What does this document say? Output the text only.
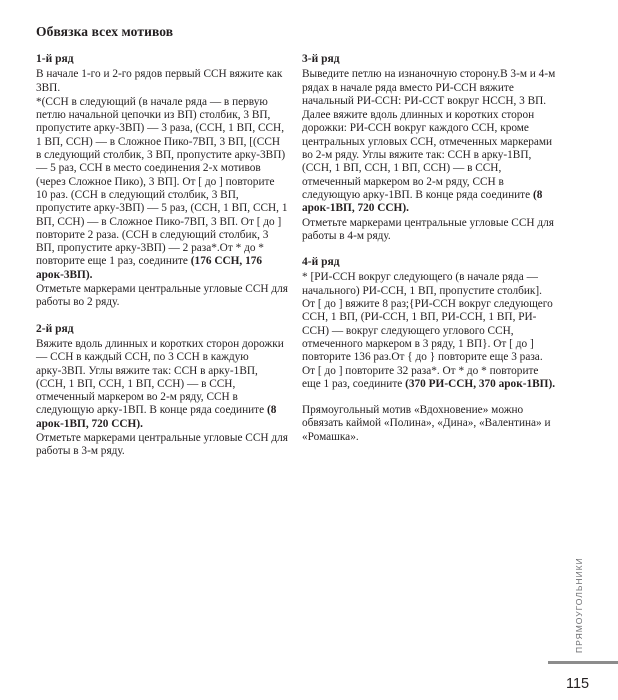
Обвязка всех мотивов

1-й ряд

В начале 1-го и 2-го рядов первый ССН вяжите как 3ВП.

*(ССН в следующий (в начале ряда — в первую петлю начальной цепочки из ВП) столбик, 3 ВП, пропустите арку-3ВП) — 3 раза, (ССН, 1 ВП, ССН, 1 ВП, ССН) — в Сложное Пико-7ВП, 3 ВП, [(ССН в следующий столбик, 3 ВП, пропустите арку-3ВП) — 5 раз, ССН в место соединения 2-х мотивов (через Сложное Пико), 3 ВП]. От [ до ] повторите 10 раз. (ССН в следующий столбик, 3 ВП, пропустите арку-3ВП) — 5 раз, (ССН, 1 ВП, ССН, 1 ВП, ССН) — в Сложное Пико-7ВП, 3 ВП. От [ до ] повторите 2 раза. (ССН в следующий столбик, 3 ВП, пропустите арку-3ВП) — 2 раза*.От * до * повторите еще 1 раз, соедините (176 ССН, 176 арок-3ВП).

Отметьте маркерами центральные угловые ССН для работы во 2 ряду.

2-й ряд

Вяжите вдоль длинных и коротких сторон дорожки — ССН в каждый ССН, по 3 ССН в каждую арку-3ВП. Углы вяжите так: ССН в арку-1ВП, (ССН, 1 ВП, ССН, 1 ВП, ССН) — в ССН, отмеченный маркером во 2-м ряду, ССН в следующую арку-1ВП. В конце ряда соедините (8 арок-1ВП, 720 ССН).

Отметьте маркерами центральные угловые ССН для работы в 3-м ряду.

3-й ряд

Выведите петлю на изнаночную сторону.В 3-м и 4-м рядах в начале ряда вместо РИ-ССН вяжите начальный РИ-ССН: РИ-ССТ вокруг НССН, 3 ВП.

Далее вяжите вдоль длинных и коротких сторон дорожки: РИ-ССН вокруг каждого ССН, кроме центральных угловых ССН, отмеченных маркерами во 2-м ряду. Углы вяжите так: ССН в арку-1ВП, (ССН, 1 ВП, ССН, 1 ВП, ССН) — в ССН, отмеченный маркером во 2-м ряду, ССН в следующую арку-1ВП. В конце ряда соедините (8 арок-1ВП, 720 ССН).

Отметьте маркерами центральные угловые ССН для работы в 4-м ряду.

4-й ряд

* [РИ-ССН вокруг следующего (в начале ряда — начального) РИ-ССН, 1 ВП, пропустите столбик]. От [ до ] вяжите 8 раз;{РИ-ССН вокруг следующего ССН, 1 ВП, (РИ-ССН, 1 ВП, РИ-ССН, 1 ВП, РИ-ССН) — вокруг следующего углового ССН, отмеченного маркером в 3 ряду, 1 ВП}. От [ до ] повторите 136 раз.От { до } повторите еще 3 раза. От [ до ] повторите 32 раза*. От * до * повторите еще 1 раз, соедините (370 РИ-ССН, 370 арок-1ВП).

Прямоугольный мотив «Вдохновение» можно обвязать каймой «Полина», «Дина», «Валентина» и «Ромашка».

ПРЯМОУГОЛЬНИКИ
115
